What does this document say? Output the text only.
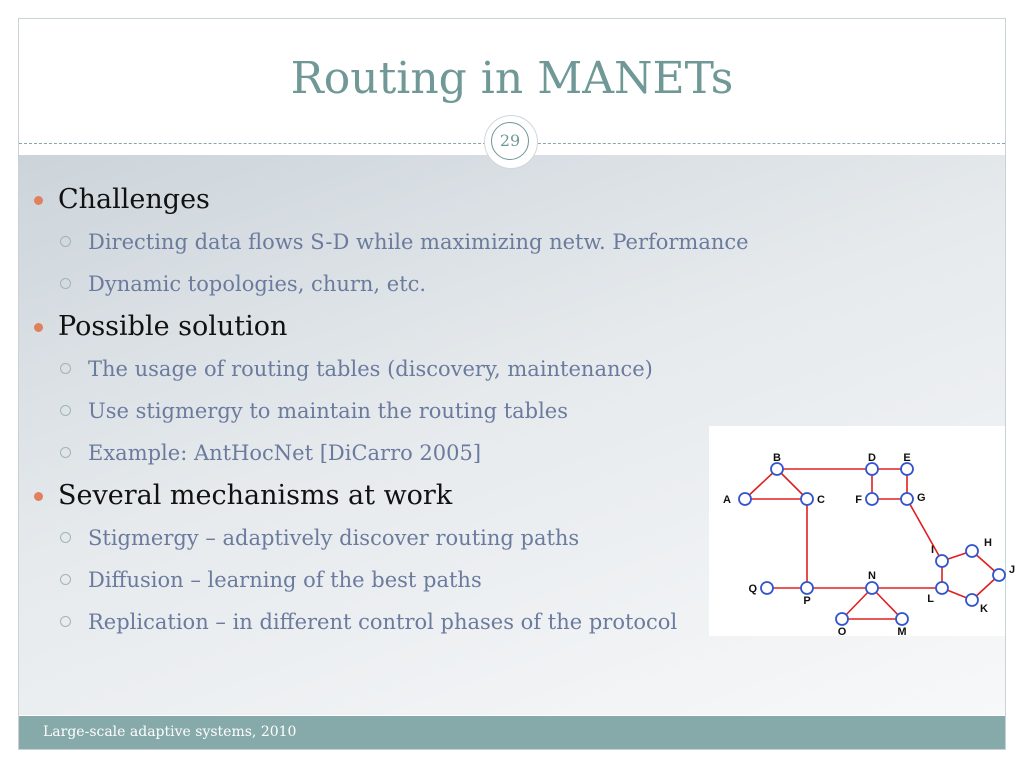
Routing in MANETs
29
A
B
C
D E
F	G
H
I
J
K
L
M
N
O
P
Q
Large-scale adaptive systems, 2010
Challenges
Directing data flows S-D while maximizing netw. Performance
Dynamic topologies, churn, etc.
Possible solution
The usage of routing tables (discovery, maintenance)
Use stigmergy to maintain the routing tables
Example: AntHocNet [DiCarro 2005]
Several mechanisms at work
Stigmergy – adaptively discover routing paths
Diffusion – learning of the best paths
Replication – in different control phases of the protocol
